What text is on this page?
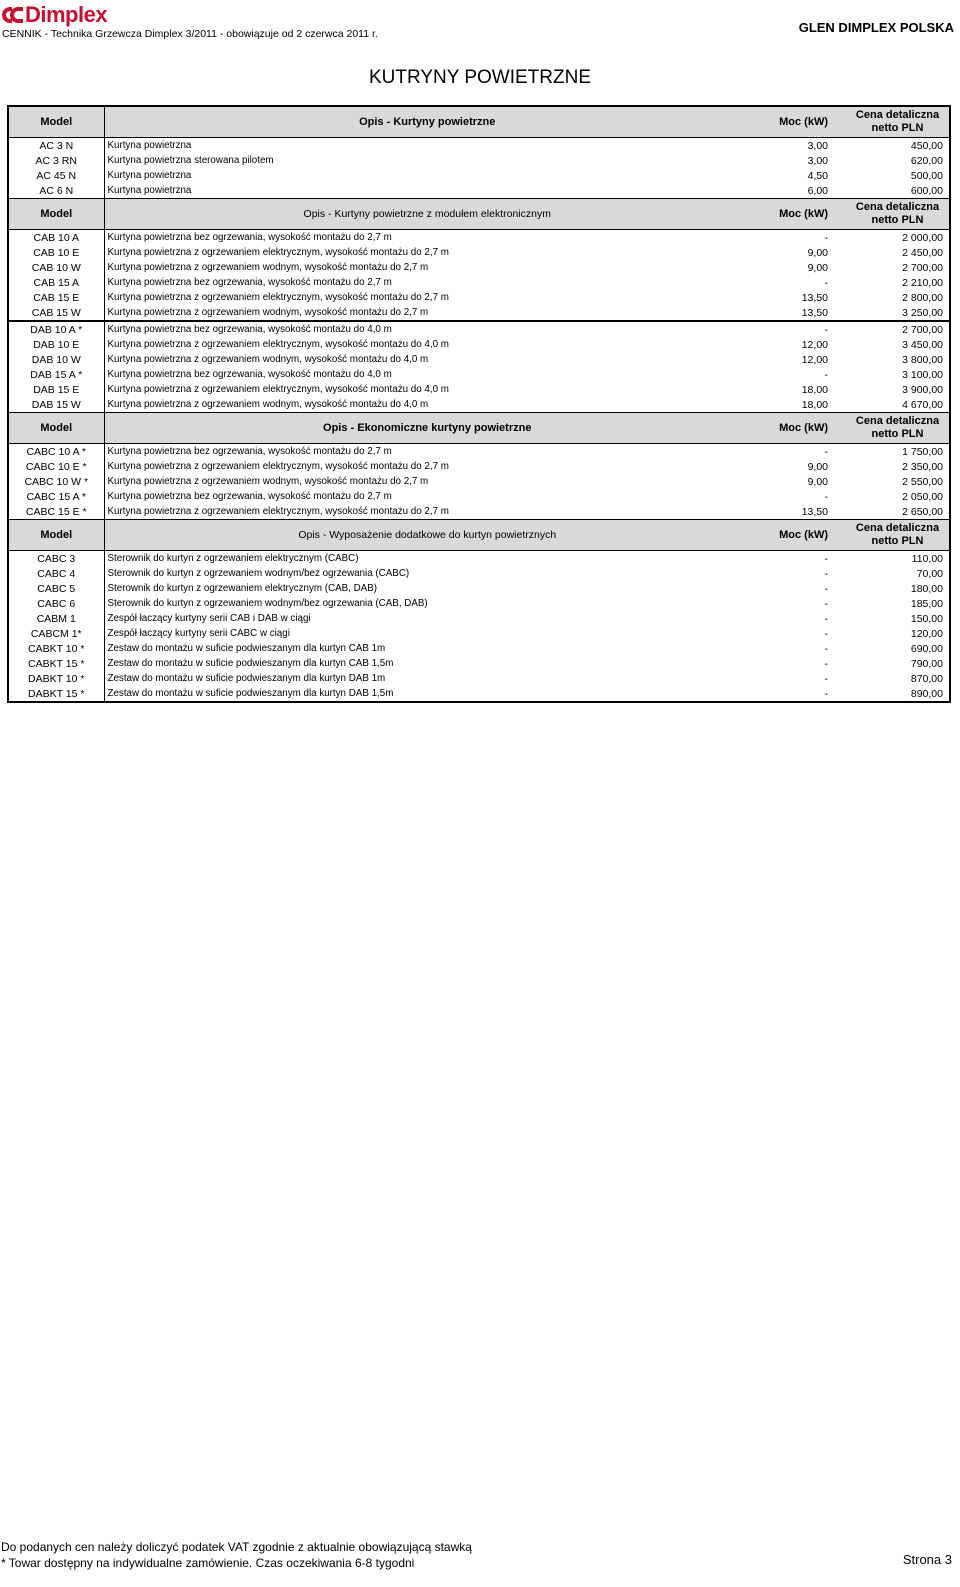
Dimplex
CENNIK - Technika Grzewcza Dimplex 3/2011 - obowiązuje od 2 czerwca 2011 r.	GLEN DIMPLEX POLSKA
KUTRYNY POWIETRZNE
Model	Opis - Kurtyny powietrzne	Moc (kW)	Cena detaliczna
netto PLN

AC 3 N	Kurtyna powietrzna	3,00	450,00
AC 3 RN	Kurtyna powietrzna sterowana pilotem	3,00	620,00
AC 45 N	Kurtyna powietrzna	4,50	500,00
AC 6 N	Kurtyna powietrzna	6,00	600,00
Model	Opis - Kurtyny powietrzne z modułem elektronicznym	Moc (kW)	Cena detaliczna
netto PLN

CAB 10 A	Kurtyna powietrzna bez ogrzewania, wysokość montażu do 2,7 m	-	2 000,00
CAB 10 E	Kurtyna powietrzna z ogrzewaniem elektrycznym, wysokość montażu do 2,7 m	9,00	2 450,00
CAB 10 W	Kurtyna powietrzna z ogrzewaniem wodnym, wysokość montażu do 2,7 m	9,00	2 700,00
CAB 15 A	Kurtyna powietrzna bez ogrzewania, wysokość montażu do 2,7 m	-	2 210,00
CAB 15 E	Kurtyna powietrzna z ogrzewaniem elektrycznym, wysokość montażu do 2,7 m	13,50	2 800,00
CAB 15 W	Kurtyna powietrzna z ogrzewaniem wodnym, wysokość montażu do 2,7 m	13,50	3 250,00
DAB 10 A *	Kurtyna powietrzna bez ogrzewania, wysokość montażu do 4,0 m	-	2 700,00
DAB 10 E	Kurtyna powietrzna z ogrzewaniem elektrycznym, wysokość montażu do 4,0 m	12,00	3 450,00
DAB 10 W	Kurtyna powietrzna z ogrzewaniem wodnym, wysokość montażu do 4,0 m	12,00	3 800,00
DAB 15 A *	Kurtyna powietrzna bez ogrzewania, wysokość montażu do 4,0 m	-	3 100,00
DAB 15 E	Kurtyna powietrzna z ogrzewaniem elektrycznym, wysokość montażu do 4,0 m	18,00	3 900,00
DAB 15 W	Kurtyna powietrzna z ogrzewaniem wodnym, wysokość montażu do 4,0 m	18,00	4 670,00
Model	Opis - Ekonomiczne kurtyny powietrzne	Moc (kW)	Cena detaliczna
netto PLN

CABC 10 A *	Kurtyna powietrzna bez ogrzewania, wysokość montażu do 2,7 m	-	1 750,00
CABC 10 E *	Kurtyna powietrzna z ogrzewaniem elektrycznym, wysokość montażu do 2,7 m	9,00	2 350,00
CABC 10 W *	Kurtyna powietrzna z ogrzewaniem wodnym, wysokość montażu do 2,7 m	9,00	2 550,00
CABC 15 A *	Kurtyna powietrzna bez ogrzewania, wysokość montażu do 2,7 m	-	2 050,00
CABC 15 E *	Kurtyna powietrzna z ogrzewaniem elektrycznym, wysokość montażu do 2,7 m	13,50	2 650,00
Model	Opis - Wyposażenie dodatkowe do kurtyn powietrznych	Moc (kW)	Cena detaliczna
netto PLN

CABC 3	Sterownik do kurtyn z ogrzewaniem elektrycznym (CABC)	-	110,00
CABC 4	Sterownik do kurtyn z ogrzewaniem wodnym/bez ogrzewania (CABC)	-	70,00
CABC 5	Sterownik do kurtyn z ogrzewaniem elektrycznym (CAB, DAB)	-	180,00
CABC 6	Sterownik do kurtyn z ogrzewaniem wodnym/bez ogrzewania (CAB, DAB)	-	185,00
CABM 1	Zespół łaczący kurtyny serii CAB i DAB w ciągi	-	150,00
CABCM 1*	Zespół łaczący kurtyny serii CABC w ciągi	-	120,00
CABKT 10 *	Zestaw do montażu w suficie podwieszanym dla kurtyn CAB 1m	-	690,00
CABKT 15 *	Zestaw do montażu w suficie podwieszanym dla kurtyn CAB 1,5m	-	790,00
DABKT 10 *	Zestaw do montażu w suficie podwieszanym dla kurtyn DAB 1m	-	870,00
DABKT 15 *	Zestaw do montażu w suficie podwieszanym dla kurtyn DAB 1,5m	-	890,00
Do podanych cen należy doliczyć podatek VAT zgodnie z aktualnie obowiązującą stawką
* Towar dostępny na indywidualne zamówienie. Czas oczekiwania 6-8 tygodni	Strona 3
